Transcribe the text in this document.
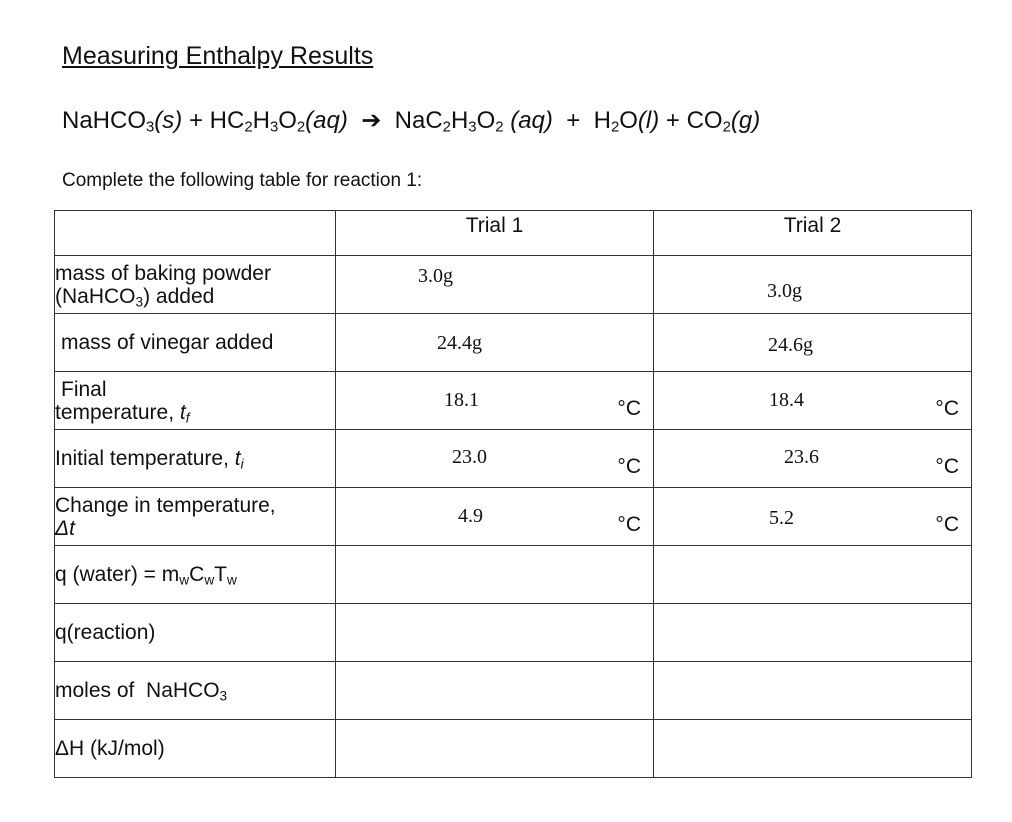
Measuring Enthalpy Results
NaHCO$_3$(s) + $HC_2H_3O_2(aq)$ ➔ $NaC_2H_3O_2$ $(aq) + H_2O(l) + CO_2(g)$
Complete the following table for reaction 1:

	Trial 1	Trial 2

mass of baking powder
(NaHCO$_3$) added	3.0g	3.0g

mass of vinegar added	24.4g	24.6g

Final
temperature, $t_f$	18.1 °C	18.4 °C

Initial temperature, $t_i$	23.0 °C	23.6 °C

Change in temperature,
Δt	4.9 °C	5.2 °C

q (water) = $m_wC_wT_w$		
q(reaction)		
moles of  NaHCO$_3$		
ΔH (kJ/mol)		
